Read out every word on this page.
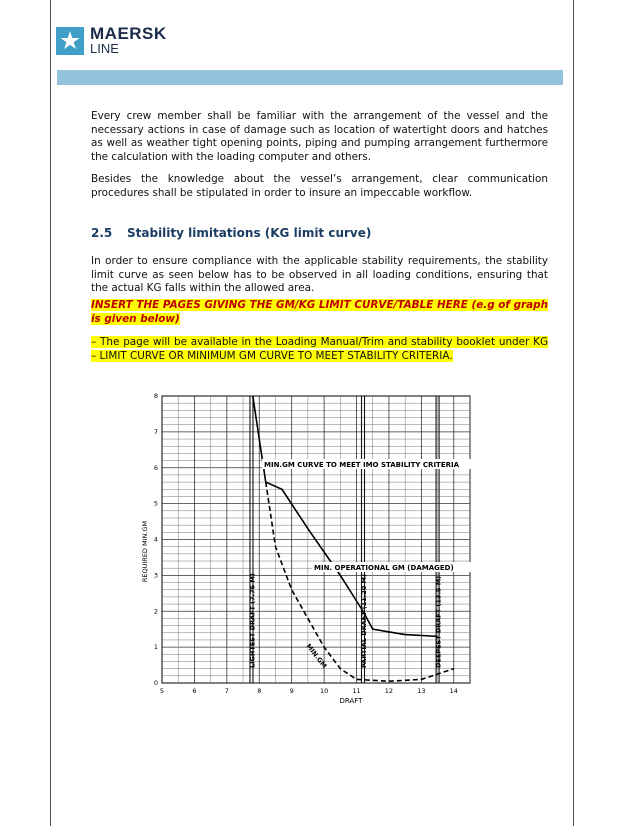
MAERSK
LINE

Every crew member shall be familiar with the arrangement of the vessel and the necessary actions in case of damage such as location of watertight doors and hatches as well as weather tight opening points, piping and pumping arrangement furthermore the calculation with the loading computer and others.

Besides the knowledge about the vessel’s arrangement, clear communication procedures shall be stipulated in order to insure an impeccable workflow.

2.5 Stability limitations (KG limit curve)

In order to ensure compliance with the applicable stability requirements, the stability limit curve as seen below has to be observed in all loading conditions, ensuring that the actual KG falls within the allowed area.

INSERT THE PAGES GIVING THE GM/KG LIMIT CURVE/TABLE HERE (e.g of graph is given below)

– The page will be available in the Loading Manual/Trim and stability booklet under KG – LIMIT CURVE OR MINIMUM GM CURVE TO MEET STABILITY CRITERIA.

5	6	7	8	9	10	11	12	13	14
0
1
2
3
4
5
6
7
8
DRAFT
REQUIRED MIN.GM
MIN.GM CURVE TO MEET IMO STABILITY CRITERIA
MIN. OPERATIONAL GM (DAMAGED)
MIN.GM
LIGHTEST DRAFT (7.76 M)	PARTIAL DRAFT (11.20 M)	DEEPEST DRAFT (13.5 M)
